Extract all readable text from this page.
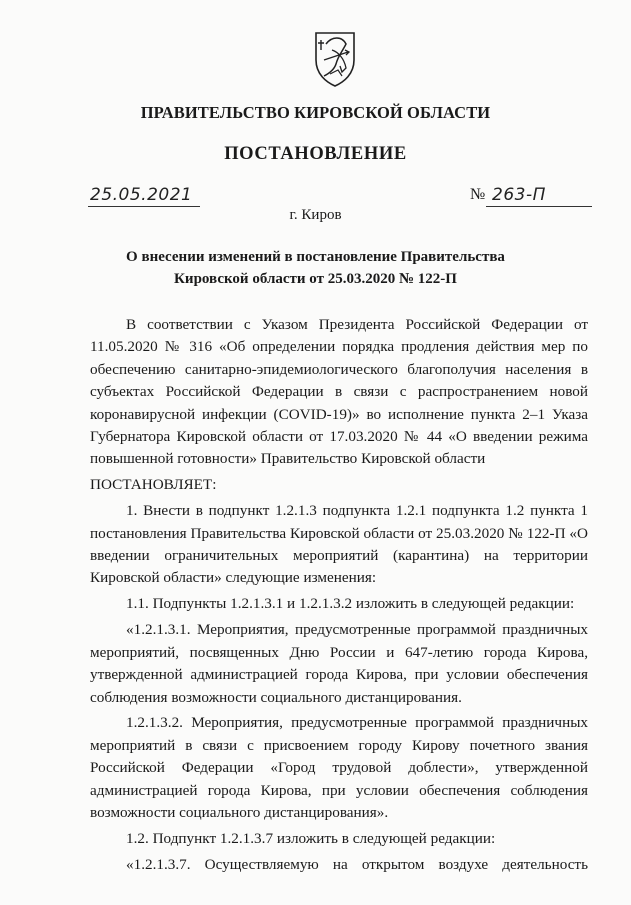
ПРАВИТЕЛЬСТВО КИРОВСКОЙ ОБЛАСТИ
ПОСТАНОВЛЕНИЕ
25.05.2021	№ 263-П
г. Киров
О внесении изменений в постановление Правительства
Кировской области от 25.03.2020 № 122-П

В соответствии с Указом Президента Российской Федерации от 11.05.2020 № 316 «Об определении порядка продления действия мер по обеспечению санитарно-эпидемиологического благополучия населения в субъектах Российской Федерации в связи с распространением новой коронавирусной инфекции (COVID-19)» во исполнение пункта 2–1 Указа Губернатора Кировской области от 17.03.2020 № 44 «О введении режима повышенной готовности» Правительство Кировской области

ПОСТАНОВЛЯЕТ:

1. Внести в подпункт 1.2.1.3 подпункта 1.2.1 подпункта 1.2 пункта 1 постановления Правительства Кировской области от 25.03.2020 № 122-П «О введении ограничительных мероприятий (карантина) на территории Кировской области» следующие изменения:

1.1. Подпункты 1.2.1.3.1 и 1.2.1.3.2 изложить в следующей редакции:

«1.2.1.3.1. Мероприятия, предусмотренные программой праздничных мероприятий, посвященных Дню России и 647-летию города Кирова, утвержденной администрацией города Кирова, при условии обеспечения соблюдения возможности социального дистанцирования.

1.2.1.3.2. Мероприятия, предусмотренные программой праздничных мероприятий в связи с присвоением городу Кирову почетного звания Российской Федерации «Город трудовой доблести», утвержденной администрацией города Кирова, при условии обеспечения соблюдения возможности социального дистанцирования».

1.2. Подпункт 1.2.1.3.7 изложить в следующей редакции:

«1.2.1.3.7. Осуществляемую на открытом воздухе деятельность
